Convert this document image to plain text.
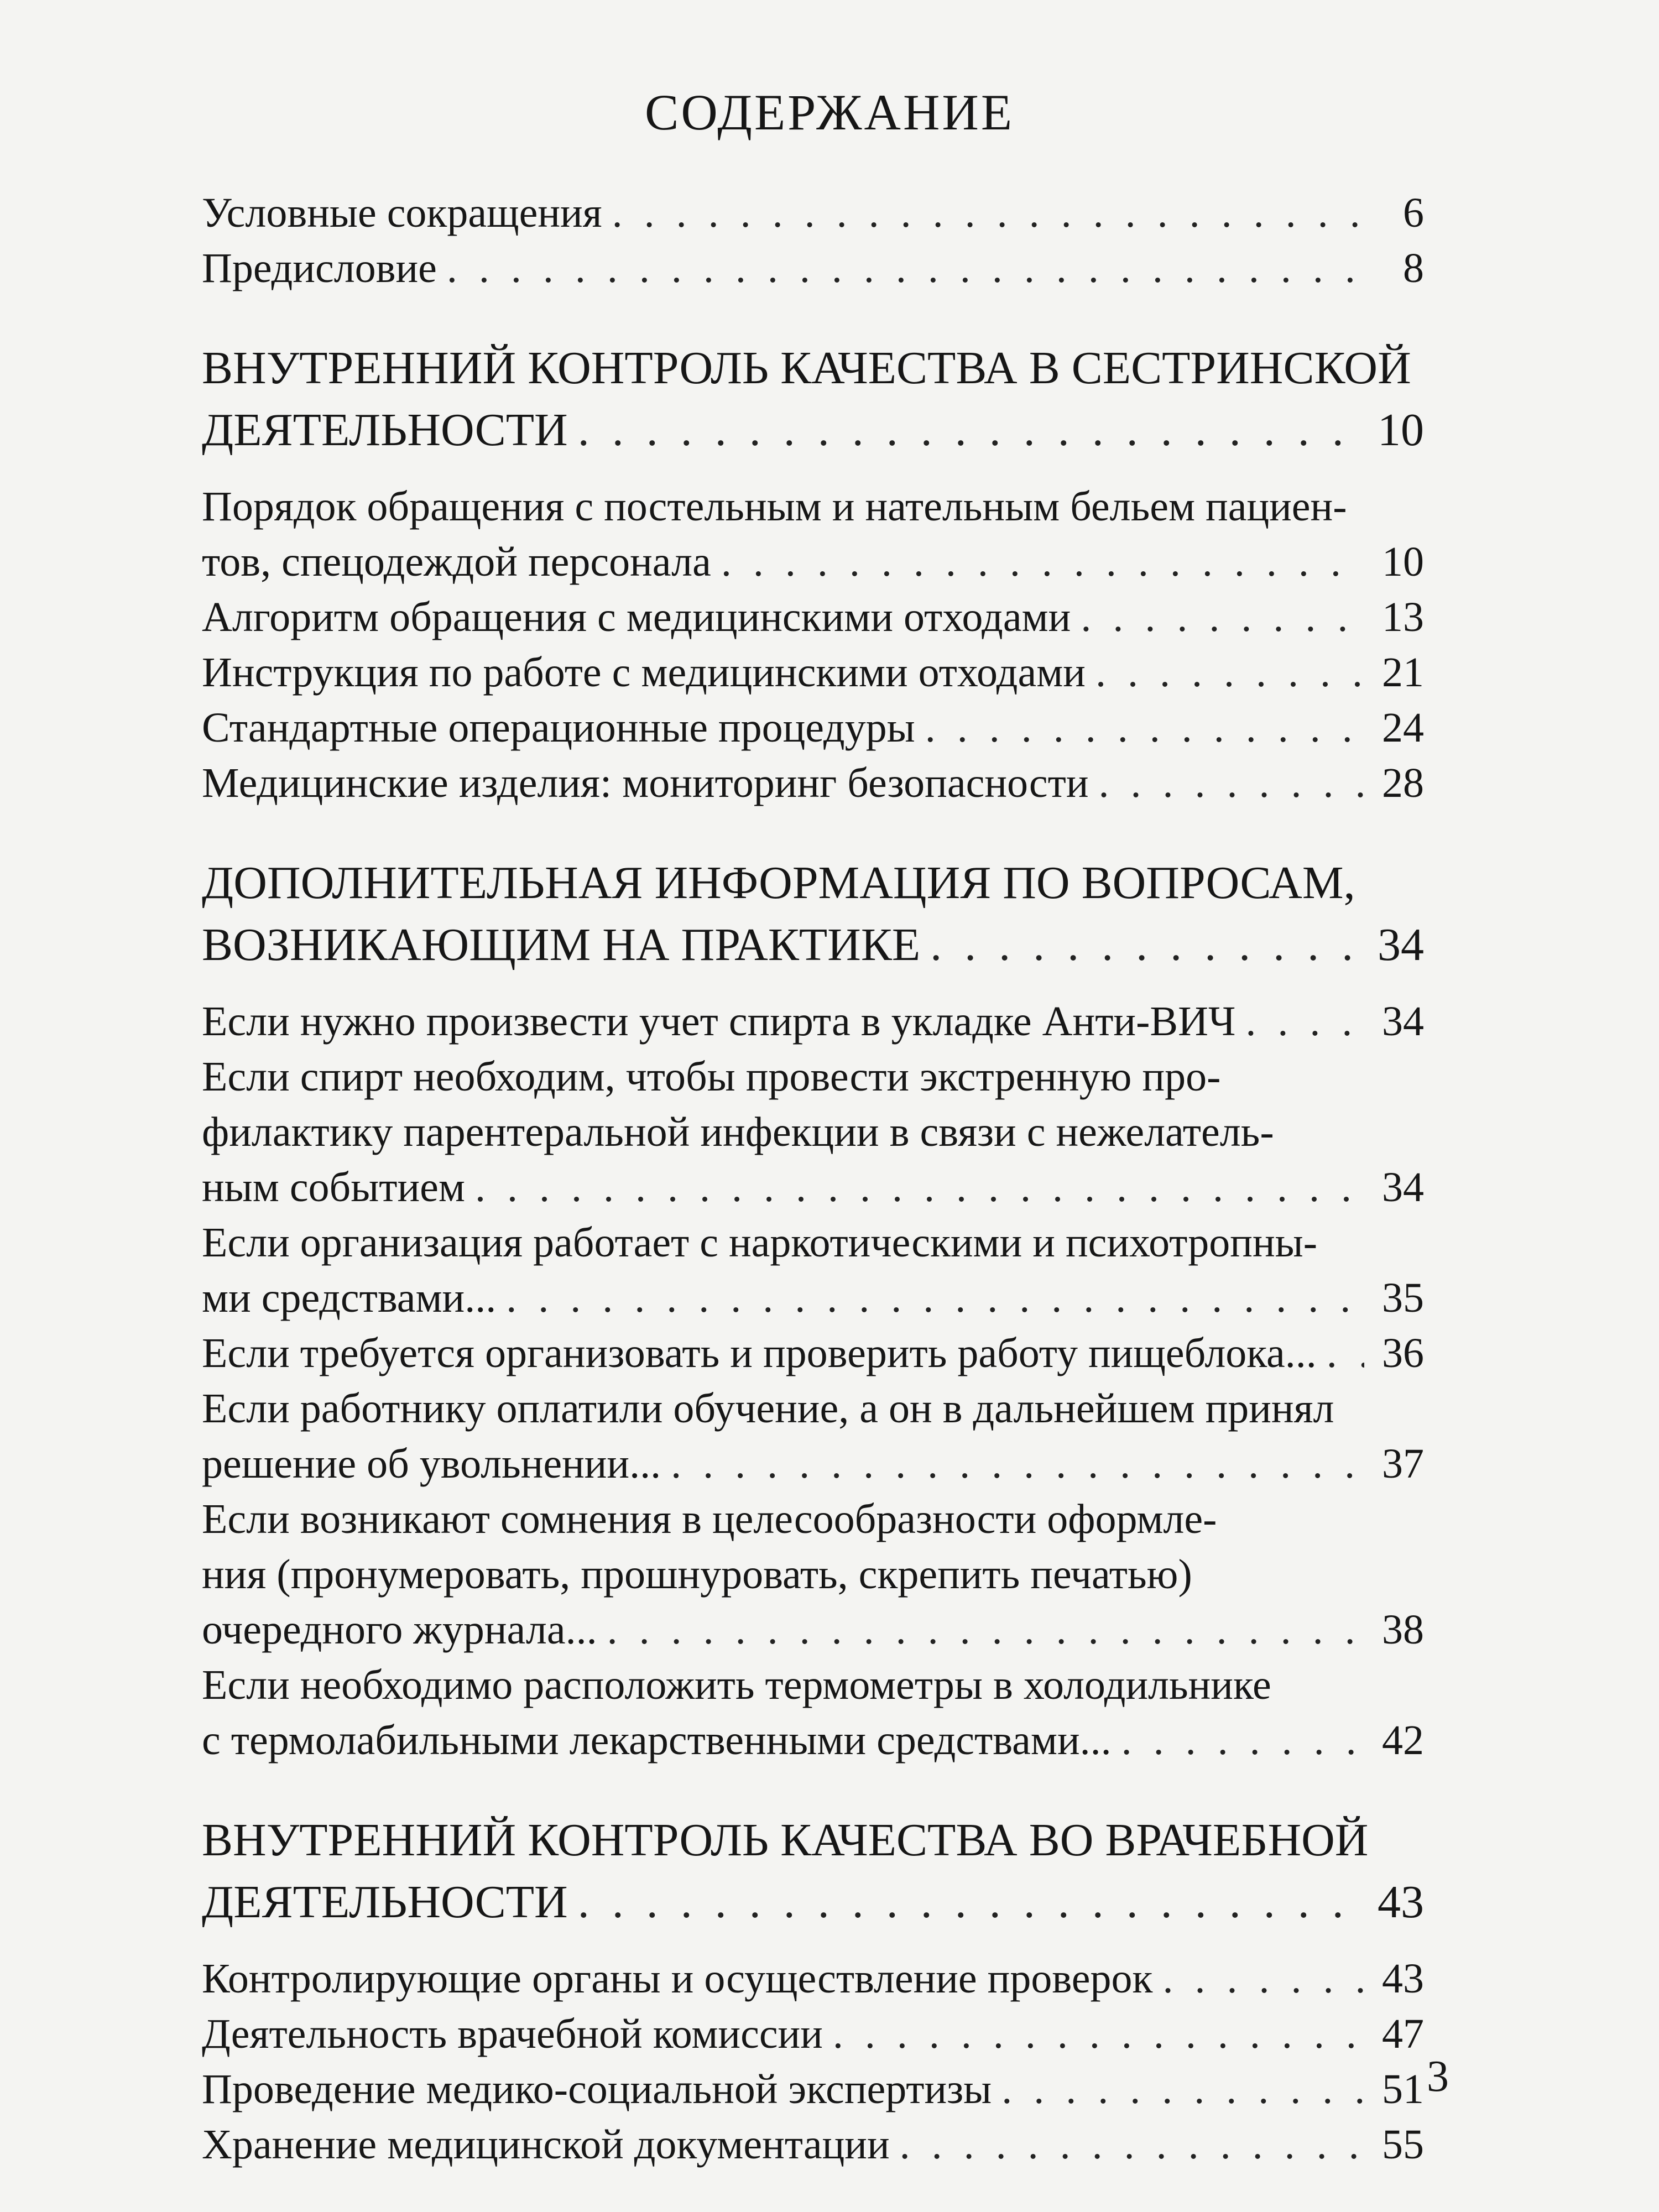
СОДЕРЖАНИЕ
Условные сокращения . . .	6
Предисловие . . .	8
ВНУТРЕННИЙ КОНТРОЛЬ КАЧЕСТВА В СЕСТРИНСКОЙ
ДЕЯТЕЛЬНОСТИ . . .	10
Порядок обращения с постельным и нательным бельем пациен-
тов, спецодеждой персонала . . .	10
Алгоритм обращения с медицинскими отходами . . .	13
Инструкция по работе с медицинскими отходами . . .	21
Стандартные операционные процедуры . . .	24
Медицинские изделия: мониторинг безопасности . . .	28
ДОПОЛНИТЕЛЬНАЯ ИНФОРМАЦИЯ ПО ВОПРОСАМ,
ВОЗНИКАЮЩИМ НА ПРАКТИКЕ . . .	34
Если нужно произвести учет спирта в укладке Анти-ВИЧ . . .	34
Если спирт необходим, чтобы провести экстренную про-
филактику парентеральной инфекции в связи с нежелатель-
ным событием . . .	34
Если организация работает с наркотическими и психотропны-
ми средствами... . . .	35
Если требуется организовать и проверить работу пищеблока... . . . 36
Если работнику оплатили обучение, а он в дальнейшем принял
решение об увольнении... . . .	37
Если возникают сомнения в целесообразности оформле-
ния (пронумеровать, прошнуровать, скрепить печатью)
очередного журнала... . . .	38
Если необходимо расположить термометры в холодильнике
с термолабильными лекарственными средствами... . . .	42
ВНУТРЕННИЙ КОНТРОЛЬ КАЧЕСТВА ВО ВРАЧЕБНОЙ
ДЕЯТЕЛЬНОСТИ . . .	43
Контролирующие органы и осуществление проверок . . .	43
Деятельность врачебной комиссии . . .	47
Проведение медико-социальной экспертизы . . .	51
Хранение медицинской документации . . .	55
3
